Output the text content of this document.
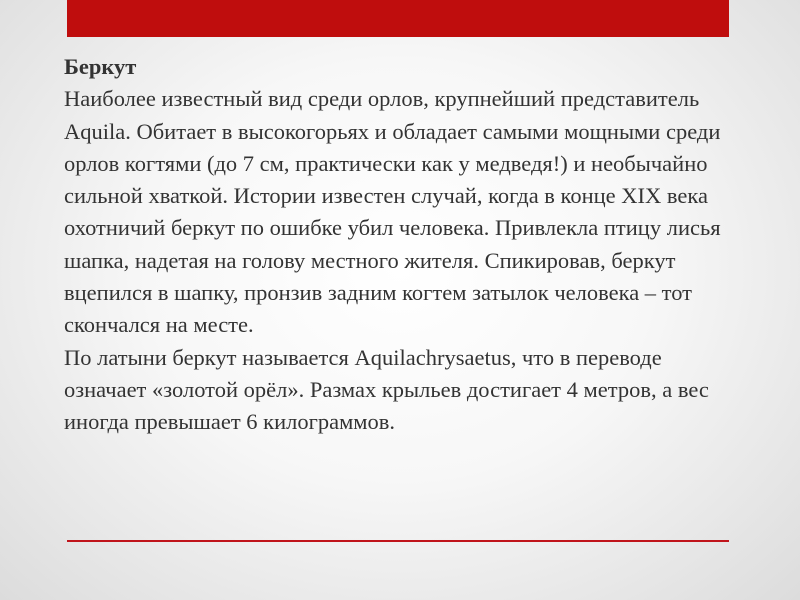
Беркут

Наиболее известный вид среди орлов, крупнейший представитель Aquila. Обитает в высокогорьях и обладает самыми мощными среди орлов когтями (до 7 см, практически как у медведя!) и необычайно сильной хваткой. Истории известен случай, когда в конце XIX века охотничий беркут по ошибке убил человека. Привлекла птицу лисья шапка, надетая на голову местного жителя. Спикировав, беркут вцепился в шапку, пронзив задним когтем затылок человека – тот скончался на месте.

По латыни беркут называется Aquilachrysaetus, что в переводе означает «золотой орёл». Размах крыльев достигает 4 метров, а вес иногда превышает 6 килограммов.
